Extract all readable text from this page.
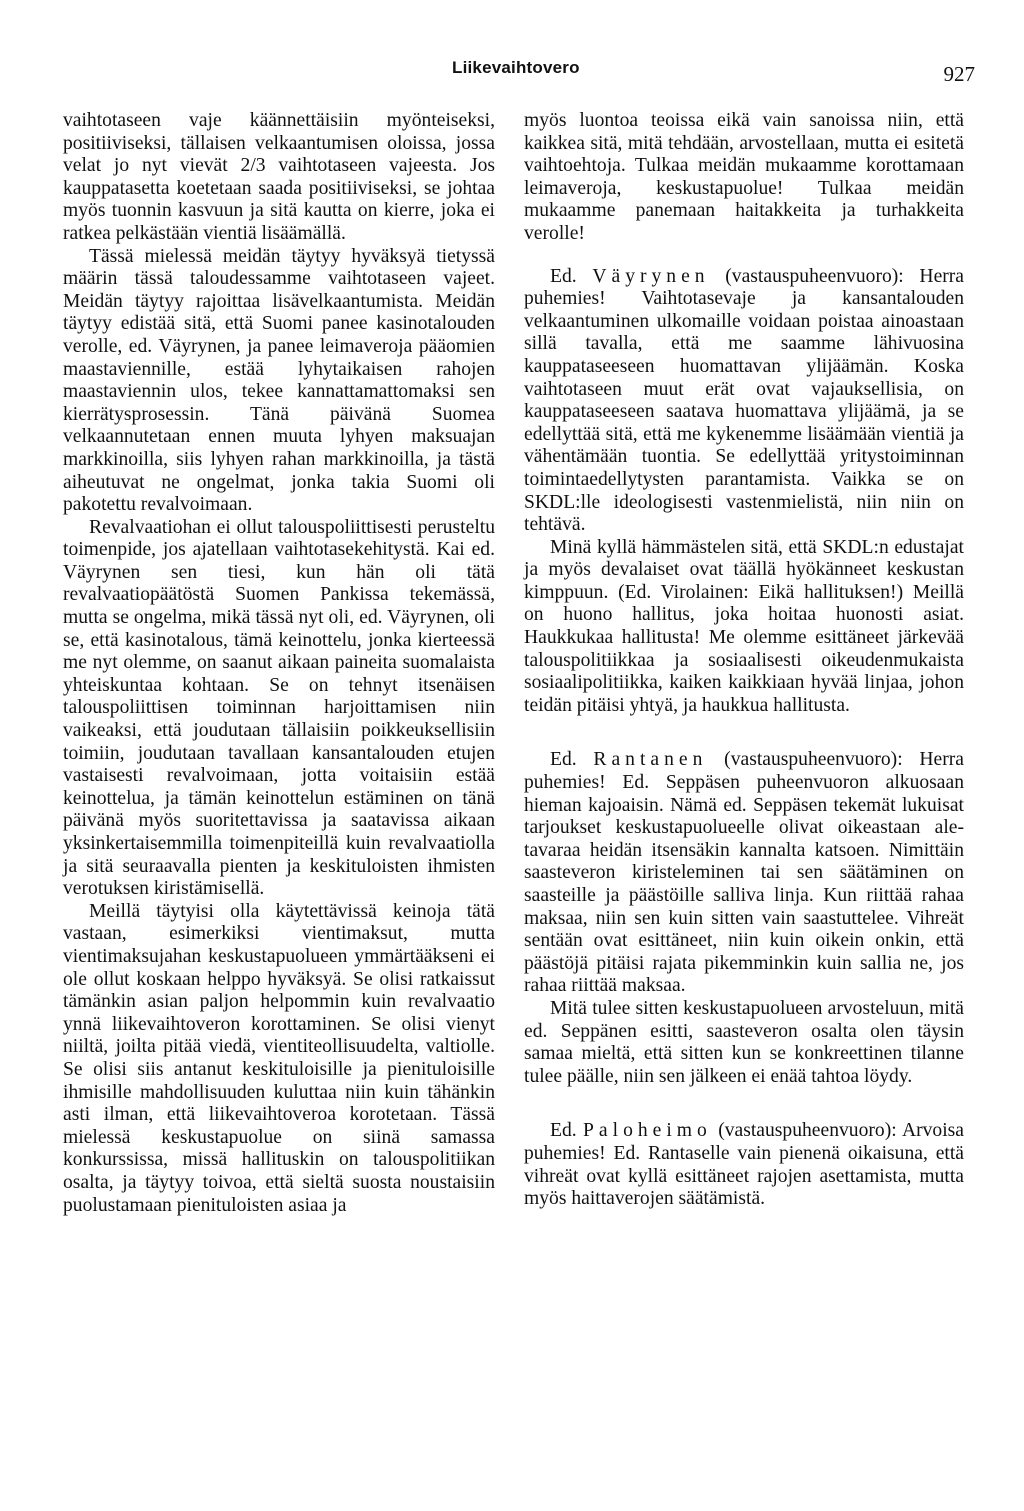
Liikevaihtovero	927

vaihtotaseen vaje käännettäisiin myönteiseksi, positiiviseksi, tällaisen velkaantumisen oloissa, jossa velat jo nyt vievät 2/3 vaihtotaseen vajeesta. Jos kauppatasetta koetetaan saada positiiviseksi, se johtaa myös tuonnin kasvuun ja sitä kautta on kierre, joka ei ratkea pelkästään vientiä lisäämällä.

Tässä mielessä meidän täytyy hyväksyä tietyssä määrin tässä taloudessamme vaihtotaseen vajeet. Meidän täytyy rajoittaa lisävelkaantumista. Meidän täytyy edistää sitä, että Suomi panee kasinotalouden verolle, ed. Väyrynen, ja panee leimaveroja pääomien maastaviennille, estää lyhytaikaisen rahojen maastaviennin ulos, tekee kannattamattomaksi sen kierrätysprosessin. Tänä päivänä Suomea velkaannutetaan ennen muuta lyhyen maksuajan markkinoilla, siis lyhyen rahan markkinoilla, ja tästä aiheutuvat ne ongelmat, jonka takia Suomi oli pakotettu revalvoimaan.

Revalvaatiohan ei ollut talouspoliittisesti perusteltu toimenpide, jos ajatellaan vaihtotasekehitystä. Kai ed. Väyrynen sen tiesi, kun hän oli tätä revalvaatiopäätöstä Suomen Pankissa tekemässä, mutta se ongelma, mikä tässä nyt oli, ed. Väyrynen, oli se, että kasinotalous, tämä keinottelu, jonka kierteessä me nyt olemme, on saanut aikaan paineita suomalaista yhteiskuntaa kohtaan. Se on tehnyt itsenäisen talouspoliittisen toiminnan harjoittamisen niin vaikeaksi, että joudutaan tällaisiin poikkeuksellisiin toimiin, joudutaan tavallaan kansantalouden etujen vastaisesti revalvoimaan, jotta voitaisiin estää keinottelua, ja tämän keinottelun estäminen on tänä päivänä myös suoritettavissa ja saatavissa aikaan yksinkertaisemmilla toimenpiteillä kuin revalvaatiolla ja sitä seuraavalla pienten ja keskituloisten ihmisten verotuksen kiristämisellä.

Meillä täytyisi olla käytettävissä keinoja tätä vastaan, esimerkiksi vientimaksut, mutta vientimaksujahan keskustapuolueen ymmärtääkseni ei ole ollut koskaan helppo hyväksyä. Se olisi ratkaissut tämänkin asian paljon helpommin kuin revalvaatio ynnä liikevaihtoveron korottaminen. Se olisi vienyt niiltä, joilta pitää viedä, vientiteollisuudelta, valtiolle. Se olisi siis antanut keskituloisille ja pienituloisille ihmisille mahdollisuuden kuluttaa niin kuin tähänkin asti ilman, että liikevaihtoveroa korotetaan. Tässä mielessä keskustapuolue on siinä samassa konkurssissa, missä hallituskin on talouspolitiikan osalta, ja täytyy toivoa, että sieltä suosta noustaisiin puolustamaan pienituloisten asiaa ja

myös luontoa teoissa eikä vain sanoissa niin, että kaikkea sitä, mitä tehdään, arvostellaan, mutta ei esitetä vaihtoehtoja. Tulkaa meidän mukaamme korottamaan leimaveroja, keskustapuolue! Tulkaa meidän mukaamme panemaan haitakkeita ja turhakkeita verolle!

Ed. Väyrynen (vastauspuheenvuoro): Herra puhemies! Vaihtotasevaje ja kansantalouden velkaantuminen ulkomaille voidaan poistaa ainoastaan sillä tavalla, että me saamme lähivuosina kauppataseeseen huomattavan ylijäämän. Koska vaihtotaseen muut erät ovat vajauksellisia, on kauppataseeseen saatava huomattava ylijäämä, ja se edellyttää sitä, että me kykenemme lisäämään vientiä ja vähentämään tuontia. Se edellyttää yritystoiminnan toimintaedellytysten parantamista. Vaikka se on SKDL:lle ideologisesti vastenmielistä, niin niin on tehtävä.

Minä kyllä hämmästelen sitä, että SKDL:n edustajat ja myös devalaiset ovat täällä hyökänneet keskustan kimppuun. (Ed. Virolainen: Eikä hallituksen!) Meillä on huono hallitus, joka hoitaa huonosti asiat. Haukkukaa hallitusta! Me olemme esittäneet järkevää talouspolitiikkaa ja sosiaalisesti oikeudenmukaista sosiaalipolitiikka, kaiken kaikkiaan hyvää linjaa, johon teidän pitäisi yhtyä, ja haukkua hallitusta.

Ed. Rantanen (vastauspuheenvuoro): Herra puhemies! Ed. Seppäsen puheenvuoron alkuosaan hieman kajoaisin. Nämä ed. Seppäsen tekemät lukuisat tarjoukset keskustapuolueelle olivat oikeastaan ale-tavaraa heidän itsensäkin kannalta katsoen. Nimittäin saasteveron kiristeleminen tai sen säätäminen on saasteille ja päästöille salliva linja. Kun riittää rahaa maksaa, niin sen kuin sitten vain saastuttelee. Vihreät sentään ovat esittäneet, niin kuin oikein onkin, että päästöjä pitäisi rajata pikemminkin kuin sallia ne, jos rahaa riittää maksaa.

Mitä tulee sitten keskustapuolueen arvosteluun, mitä ed. Seppänen esitti, saasteveron osalta olen täysin samaa mieltä, että sitten kun se konkreettinen tilanne tulee päälle, niin sen jälkeen ei enää tahtoa löydy.

Ed. Paloheimo (vastauspuheenvuoro): Arvoisa puhemies! Ed. Rantaselle vain pienenä oikaisuna, että vihreät ovat kyllä esittäneet rajojen asettamista, mutta myös haittaverojen säätämistä.
